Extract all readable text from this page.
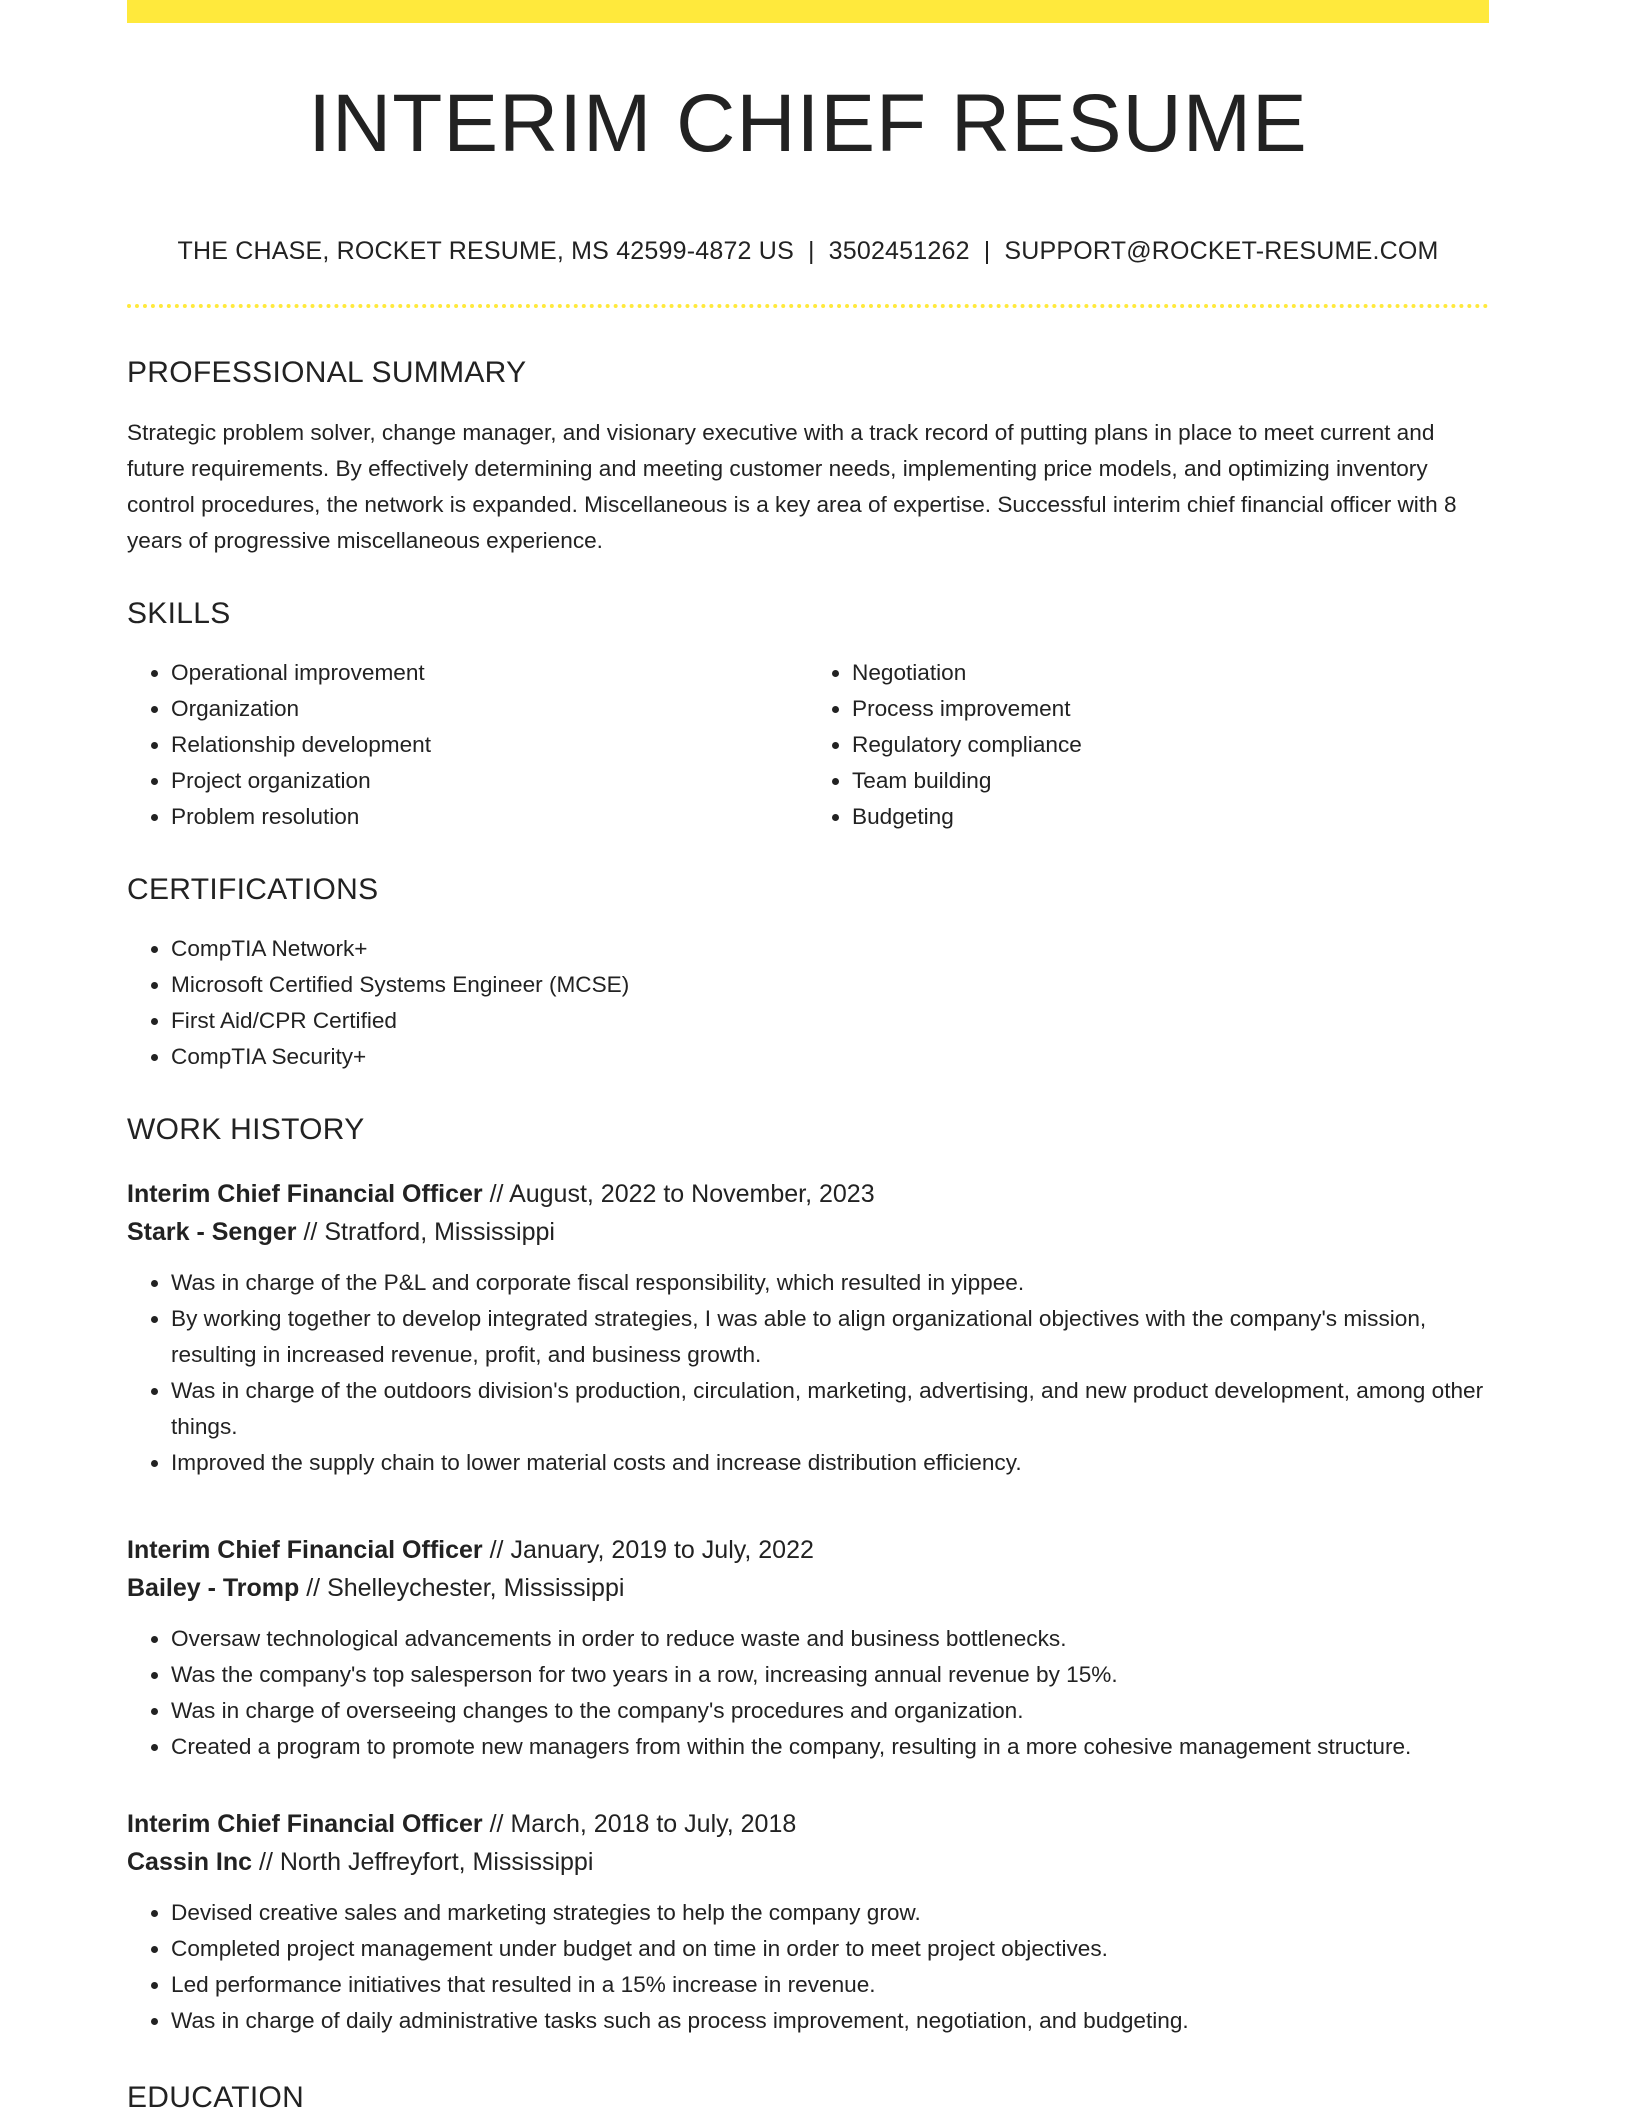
INTERIM CHIEF RESUME
THE CHASE, ROCKET RESUME, MS 42599-4872 US | 3502451262 | SUPPORT@ROCKET-RESUME.COM
PROFESSIONAL SUMMARY
Strategic problem solver, change manager, and visionary executive with a track record of putting plans in place to meet current and future requirements. By effectively determining and meeting customer needs, implementing price models, and optimizing inventory control procedures, the network is expanded. Miscellaneous is a key area of expertise. Successful interim chief financial officer with 8 years of progressive miscellaneous experience.
SKILLS
• Operational improvement
• Organization
• Relationship development
• Project organization
• Problem resolution
• Negotiation
• Process improvement
• Regulatory compliance
• Team building
• Budgeting
CERTIFICATIONS
• CompTIA Network+
• Microsoft Certified Systems Engineer (MCSE)
• First Aid/CPR Certified
• CompTIA Security+
WORK HISTORY
Interim Chief Financial Officer // August, 2022 to November, 2023
Stark - Senger // Stratford, Mississippi
• Was in charge of the P&L and corporate fiscal responsibility, which resulted in yippee.
• By working together to develop integrated strategies, I was able to align organizational objectives with the company's mission, resulting in increased revenue, profit, and business growth.
• Was in charge of the outdoors division's production, circulation, marketing, advertising, and new product development, among other things.
• Improved the supply chain to lower material costs and increase distribution efficiency.
Interim Chief Financial Officer // January, 2019 to July, 2022
Bailey - Tromp // Shelleychester, Mississippi
• Oversaw technological advancements in order to reduce waste and business bottlenecks.
• Was the company's top salesperson for two years in a row, increasing annual revenue by 15%.
• Was in charge of overseeing changes to the company's procedures and organization.
• Created a program to promote new managers from within the company, resulting in a more cohesive management structure.
Interim Chief Financial Officer // March, 2018 to July, 2018
Cassin Inc // North Jeffreyfort, Mississippi
• Devised creative sales and marketing strategies to help the company grow.
• Completed project management under budget and on time in order to meet project objectives.
• Led performance initiatives that resulted in a 15% increase in revenue.
• Was in charge of daily administrative tasks such as process improvement, negotiation, and budgeting.
EDUCATION
